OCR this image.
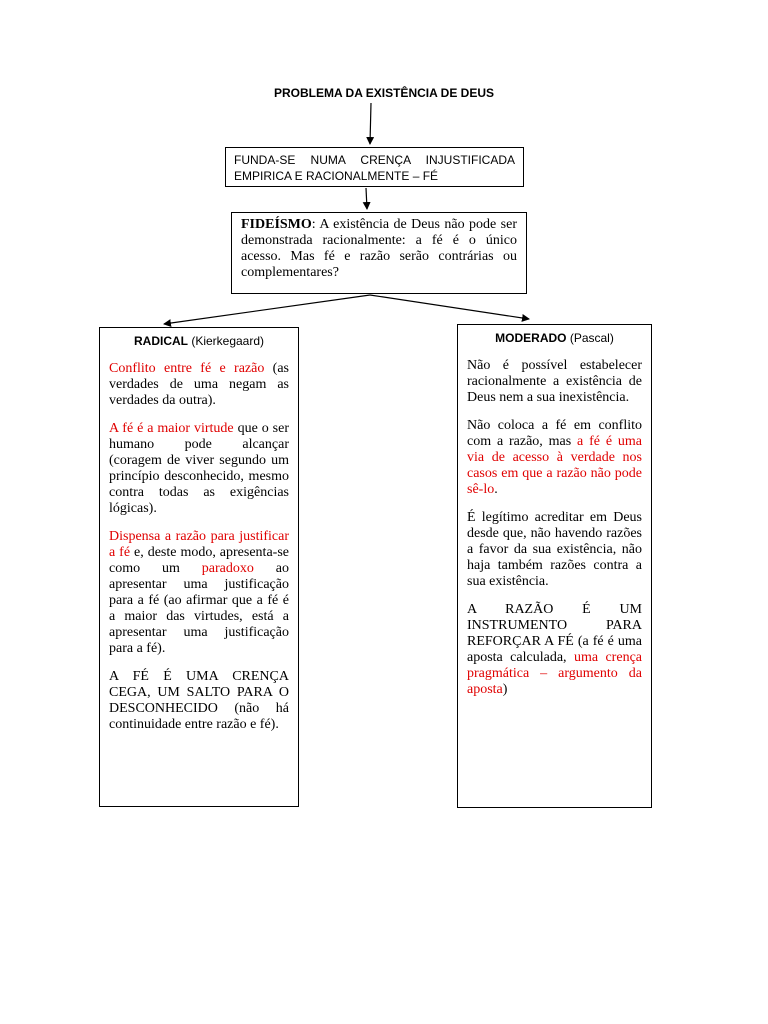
PROBLEMA DA EXISTÊNCIA DE DEUS
FUNDA-SE NUMA CRENÇA INJUSTIFICADA EMPIRICA E RACIONALMENTE – FÉ
FIDEÍSMO: A existência de Deus não pode ser demonstrada racionalmente: a fé é o único acesso. Mas fé e razão serão contrárias ou complementares?
RADICAL (Kierkegaard)

Conflito entre fé e razão (as verdades de uma negam as verdades da outra).

A fé é a maior virtude que o ser humano pode alcançar (coragem de viver segundo um princípio desconhecido, mesmo contra todas as exigências lógicas).

Dispensa a razão para justificar a fé e, deste modo, apresenta-se como um paradoxo ao apresentar uma justificação para a fé (ao afirmar que a fé é a maior das virtudes, está a apresentar uma justificação para a fé).

A FÉ É UMA CRENÇA CEGA, UM SALTO PARA O DESCONHECIDO (não há continuidade entre razão e fé).

MODERADO (Pascal)

Não é possível estabelecer racionalmente a existência de Deus nem a sua inexistência.

Não coloca a fé em conflito com a razão, mas a fé é uma via de acesso à verdade nos casos em que a razão não pode sê-lo.

É legítimo acreditar em Deus desde que, não havendo razões a favor da sua existência, não haja também razões contra a sua existência.

A RAZÃO É UM INSTRUMENTO PARA REFORÇAR A FÉ (a fé é uma aposta calculada, uma crença pragmática – argumento da aposta)
